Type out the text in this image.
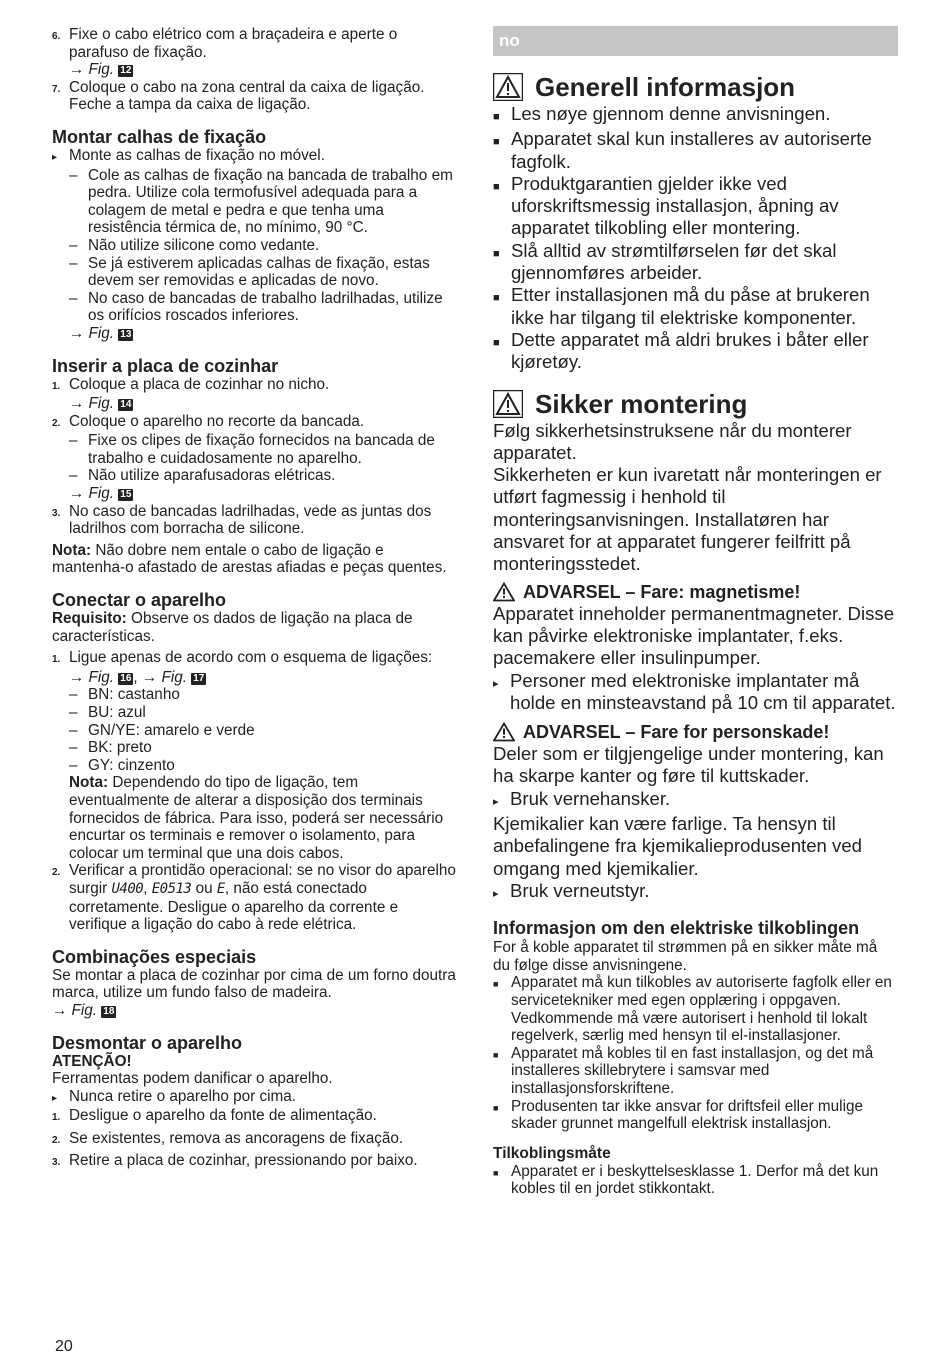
6. Fixe o cabo elétrico com a braçadeira e aperte o parafuso de fixação.

→ Fig. 12

7. Coloque o cabo na zona central da caixa de ligação. Feche a tampa da caixa de ligação.

Montar calhas de fixação

▸ Monte as calhas de fixação no móvel.

– Cole as calhas de fixação na bancada de trabalho em pedra. Utilize cola termofusível adequada para a colagem de metal e pedra e que tenha uma resistência térmica de, no mínimo, 90 °C.

– Não utilize silicone como vedante.

– Se já estiverem aplicadas calhas de fixação, estas devem ser removidas e aplicadas de novo.

– No caso de bancadas de trabalho ladrilhadas, utilize os orifícios roscados inferiores.

→ Fig. 13

Inserir a placa de cozinhar

1. Coloque a placa de cozinhar no nicho.

→ Fig. 14

2. Coloque o aparelho no recorte da bancada.

– Fixe os clipes de fixação fornecidos na bancada de trabalho e cuidadosamente no aparelho.

– Não utilize aparafusadoras elétricas.

→ Fig. 15

3. No caso de bancadas ladrilhadas, vede as juntas dos ladrilhos com borracha de silicone.

Nota: Não dobre nem entale o cabo de ligação e mantenha-o afastado de arestas afiadas e peças quentes.

Conectar o aparelho

Requisito: Observe os dados de ligação na placa de características.

1. Ligue apenas de acordo com o esquema de ligações:

→ Fig. 16 , → Fig. 17

– BN: castanho

– BU: azul

– GN/YE: amarelo e verde

– BK: preto

– GY: cinzento

Nota: Dependendo do tipo de ligação, tem eventualmente de alterar a disposição dos terminais fornecidos de fábrica. Para isso, poderá ser necessário encurtar os terminais e remover o isolamento, para colocar um terminal que una dois cabos.

2. Verificar a prontidão operacional: se no visor do aparelho surgir U400, E0513 ou E, não está conectado corretamente. Desligue o aparelho da corrente e verifique a ligação do cabo à rede elétrica.

Combinações especiais

Se montar a placa de cozinhar por cima de um forno doutra marca, utilize um fundo falso de madeira.

→ Fig. 18

Desmontar o aparelho

ATENÇÃO!

Ferramentas podem danificar o aparelho.

▸ Nunca retire o aparelho por cima.

1. Desligue o aparelho da fonte de alimentação.

2. Se existentes, remova as ancoragens de fixação.

3. Retire a placa de cozinhar, pressionando por baixo.

no
Generell informasjon
■ Les nøye gjennom denne anvisningen.

■ Apparatet skal kun installeres av autoriserte fagfolk.

■ Produktgarantien gjelder ikke ved uforskriftsmessig installasjon, åpning av apparatet tilkobling eller montering.

■ Slå alltid av strømtilførselen før det skal gjennomføres arbeider.

■ Etter installasjonen må du påse at brukeren ikke har tilgang til elektriske komponenter.

■ Dette apparatet må aldri brukes i båter eller kjøretøy.

Sikker montering

Følg sikkerhetsinstruksene når du monterer apparatet.

Sikkerheten er kun ivaretatt når monteringen er utført fagmessig i henhold til monteringsanvisningen. Installatøren har ansvaret for at apparatet fungerer feilfritt på monteringsstedet.

ADVARSEL – Fare: magnetisme!

Apparatet inneholder permanentmagneter. Disse kan påvirke elektroniske implantater, f.eks. pacemakere eller insulinpumper.

▸ Personer med elektroniske implantater må holde en minsteavstand på 10 cm til apparatet.

ADVARSEL – Fare for personskade!

Deler som er tilgjengelige under montering, kan ha skarpe kanter og føre til kuttskader.

▸ Bruk vernehansker.

Kjemikalier kan være farlige. Ta hensyn til anbefalingene fra kjemikalieprodusenten ved omgang med kjemikalier.

▸ Bruk verneutstyr.

Informasjon om den elektriske tilkoblingen

For å koble apparatet til strømmen på en sikker måte må du følge disse anvisningene.

■ Apparatet må kun tilkobles av autoriserte fagfolk eller en servicetekniker med egen opplæring i oppgaven. Vedkommende må være autorisert i henhold til lokalt regelverk, særlig med hensyn til el-installasjoner.

■ Apparatet må kobles til en fast installasjon, og det må installeres skillebrytere i samsvar med installasjonsforskriftene.

■ Produsenten tar ikke ansvar for driftsfeil eller mulige skader grunnet mangelfull elektrisk installasjon.

Tilkoblingsmåte

■ Apparatet er i beskyttelsesklasse 1. Derfor må det kun kobles til en jordet stikkontakt.

20
